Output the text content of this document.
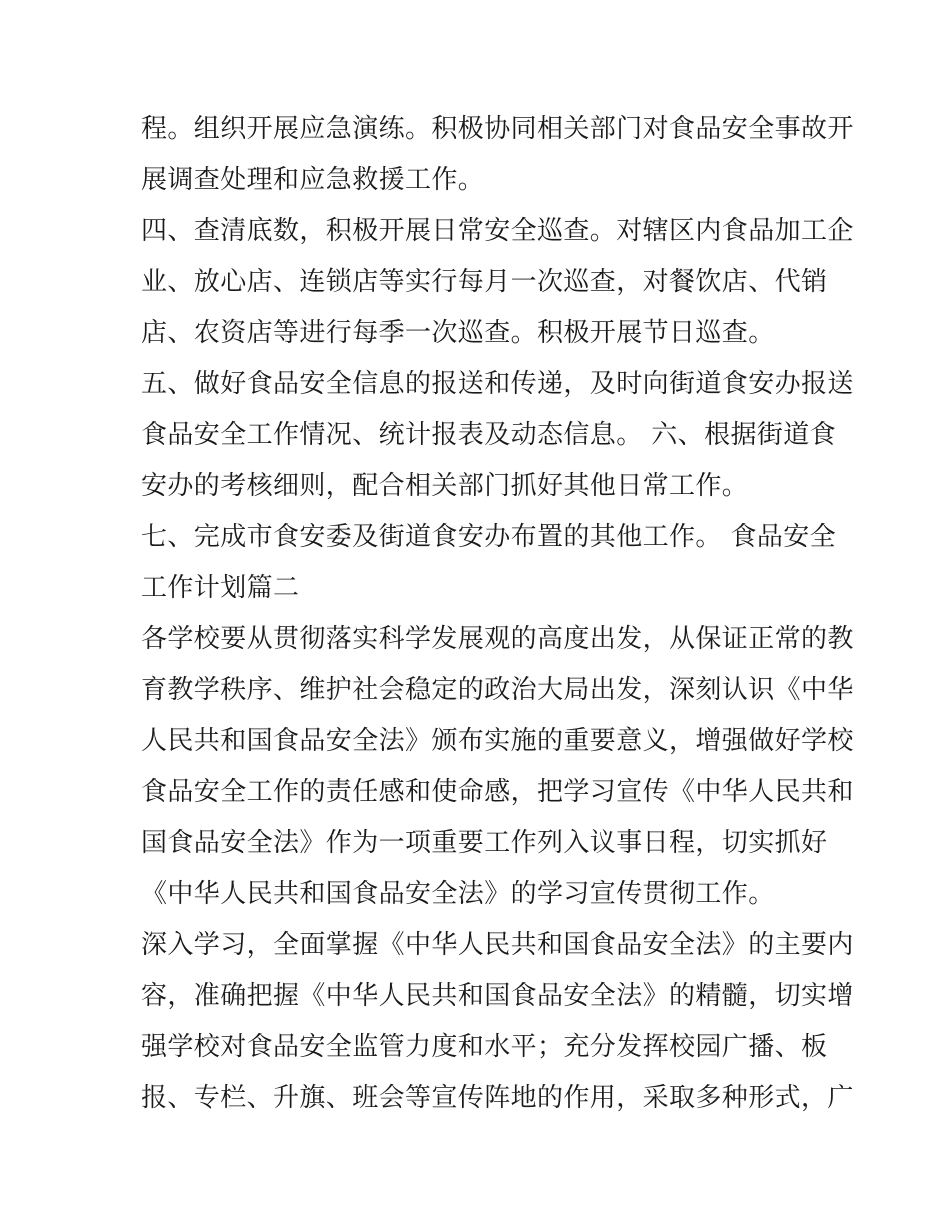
程。组织开展应急演练。积极协同相关部门对食品安全事故开
展调查处理和应急救援工作。
四、查清底数，积极开展日常安全巡查。对辖区内食品加工企
业、放心店、连锁店等实行每月一次巡查，对餐饮店、代销
店、农资店等进行每季一次巡查。积极开展节日巡查。
五、做好食品安全信息的报送和传递，及时向街道食安办报送
食品安全工作情况、统计报表及动态信息。 六、根据街道食
安办的考核细则，配合相关部门抓好其他日常工作。
七、完成市食安委及街道食安办布置的其他工作。 食品安全
工作计划篇二
各学校要从贯彻落实科学发展观的高度出发，从保证正常的教
育教学秩序、维护社会稳定的政治大局出发，深刻认识《中华
人民共和国食品安全法》颁布实施的重要意义，增强做好学校
食品安全工作的责任感和使命感，把学习宣传《中华人民共和
国食品安全法》作为一项重要工作列入议事日程，切实抓好
《中华人民共和国食品安全法》的学习宣传贯彻工作。
深入学习，全面掌握《中华人民共和国食品安全法》的主要内
容，准确把握《中华人民共和国食品安全法》的精髓，切实增
强学校对食品安全监管力度和水平；充分发挥校园广播、板
报、专栏、升旗、班会等宣传阵地的作用，采取多种形式，广
